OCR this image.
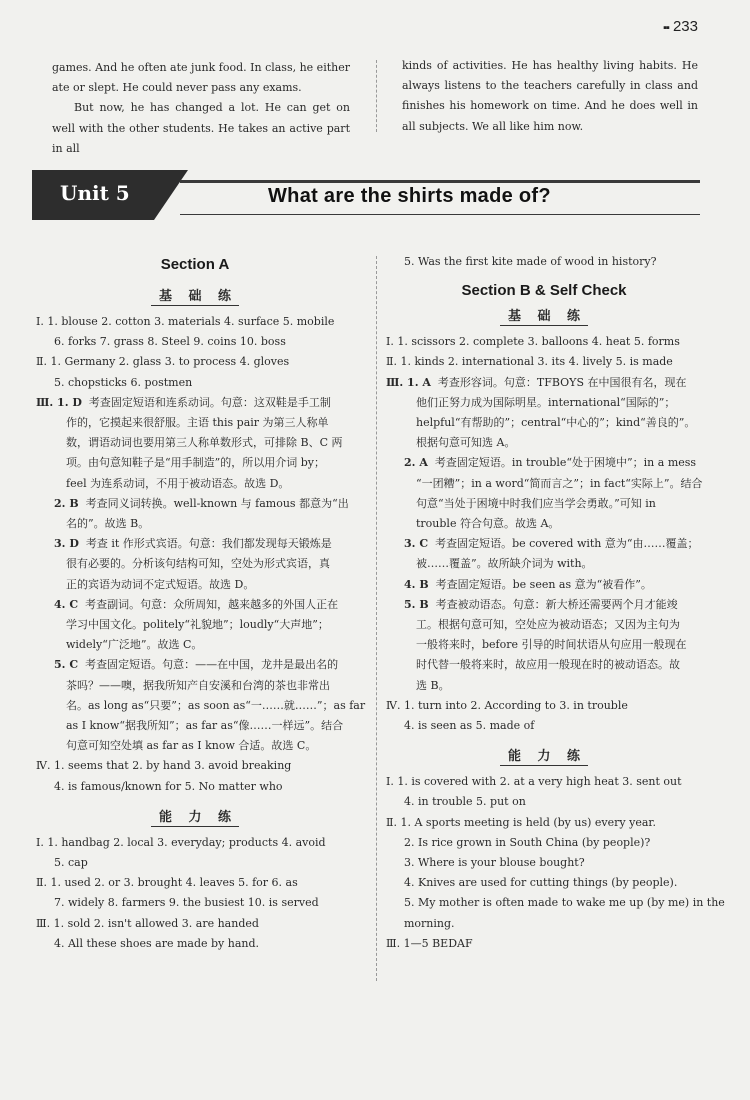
▪▪ 233

games. And he often ate junk food. In class, he either ate or slept. He could never pass any exams.

But now, he has changed a lot. He can get on well with the other students. He takes an active part in all

kinds of activities. He has healthy living habits. He always listens to the teachers carefully in class and finishes his homework on time. And he does well in all subjects. We all like him now.

Unit 5	What are the shirts made of?
Section A
基 础 练
Ⅰ. 1. blouse 2. cotton 3. materials 4. surface 5. mobile
6. forks 7. grass 8. Steel 9. coins 10. boss
Ⅱ. 1. Germany 2. glass 3. to process 4. gloves
5. chopsticks 6. postmen
Ⅲ. 1. D 考查固定短语和连系动词。句意：这双鞋是手工制
作的，它摸起来很舒服。主语 this pair 为第三人称单
数，谓语动词也要用第三人称单数形式，可排除 B、C 两
项。由句意知鞋子是“用手制造”的，所以用介词 by；
feel 为连系动词，不用于被动语态。故选 D。
2. B 考查同义词转换。well-known 与 famous 都意为“出
名的”。故选 B。
3. D 考查 it 作形式宾语。句意：我们都发现每天锻炼是
很有必要的。分析该句结构可知，空处为形式宾语，真
正的宾语为动词不定式短语。故选 D。
4. C 考查副词。句意：众所周知，越来越多的外国人正在
学习中国文化。politely“礼貌地”；loudly“大声地”；
widely“广泛地”。故选 C。
5. C 考查固定短语。句意：——在中国，龙井是最出名的
茶吗？——噢，据我所知产自安溪和台湾的茶也非常出
名。as long as“只要”；as soon as“一……就……”；as far
as I know“据我所知”；as far as“像……一样远”。结合
句意可知空处填 as far as I know 合适。故选 C。
Ⅳ. 1. seems that 2. by hand 3. avoid breaking
4. is famous/known for 5. No matter who
能 力 练
Ⅰ. 1. handbag 2. local 3. everyday; products 4. avoid
5. cap
Ⅱ. 1. used 2. or 3. brought 4. leaves 5. for 6. as
7. widely 8. farmers 9. the busiest 10. is served
Ⅲ. 1. sold 2. isn't allowed 3. are handed
4. All these shoes are made by hand.
5. Was the first kite made of wood in history?
Section B & Self Check
基 础 练
Ⅰ. 1. scissors 2. complete 3. balloons 4. heat 5. forms
Ⅱ. 1. kinds 2. international 3. its 4. lively 5. is made
Ⅲ. 1. A 考查形容词。句意：TFBOYS 在中国很有名，现在
他们正努力成为国际明星。international“国际的”；
helpful“有帮助的”；central“中心的”；kind“善良的”。
根据句意可知选 A。
2. A 考查固定短语。in trouble“处于困境中”；in a mess
“一团糟”；in a word“简而言之”；in fact“实际上”。结合
句意“当处于困境中时我们应当学会勇敢。”可知 in
trouble 符合句意。故选 A。
3. C 考查固定短语。be covered with 意为“由……覆盖；
被……覆盖”。故所缺介词为 with。
4. B 考查固定短语。be seen as 意为“被看作”。
5. B 考查被动语态。句意：新大桥还需要两个月才能竣
工。根据句意可知，空处应为被动语态；又因为主句为
一般将来时，before 引导的时间状语从句应用一般现在
时代替一般将来时，故应用一般现在时的被动语态。故
选 B。
Ⅳ. 1. turn into 2. According to 3. in trouble
4. is seen as 5. made of
能 力 练
Ⅰ. 1. is covered with 2. at a very high heat 3. sent out
4. in trouble 5. put on
Ⅱ. 1. A sports meeting is held (by us) every year.
2. Is rice grown in South China (by people)?
3. Where is your blouse bought?
4. Knives are used for cutting things (by people).
5. My mother is often made to wake me up (by me) in the
morning.
Ⅲ. 1—5 BEDAF
